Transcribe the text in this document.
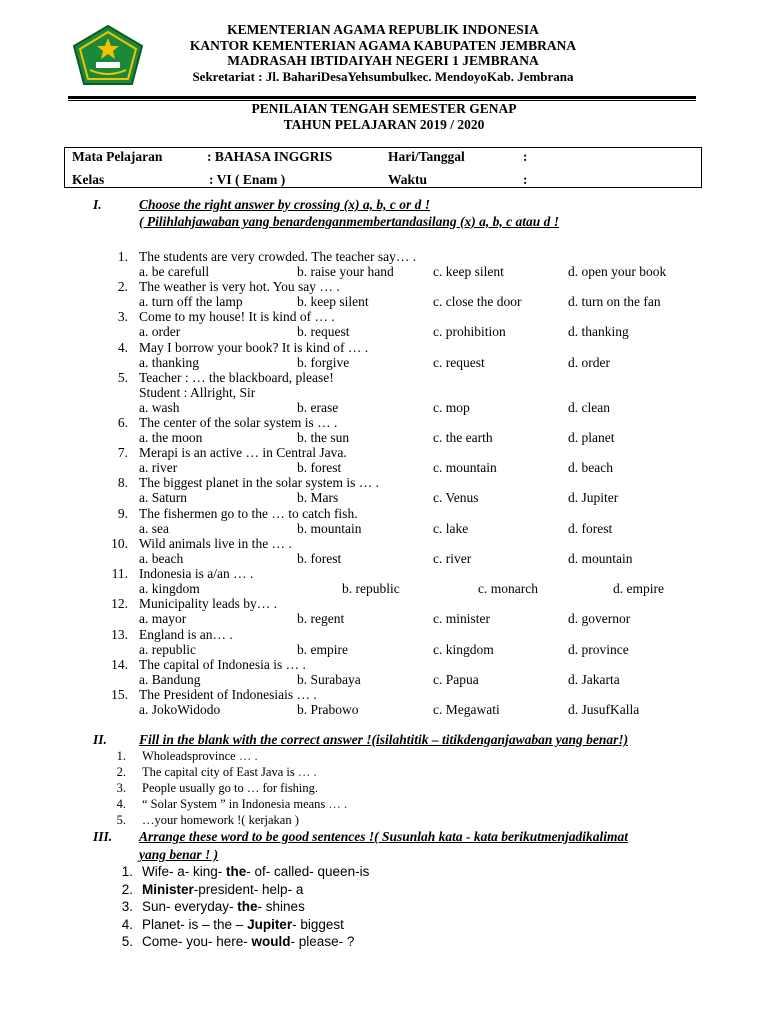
KEMENTERIAN AGAMA REPUBLIK INDONESIA
KANTOR KEMENTERIAN AGAMA KABUPATEN JEMBRANA
MADRASAH IBTIDAIYAH NEGERI 1 JEMBRANA
Sekretariat : Jl. BahariDesaYehsumbulkec. MendoyoKab. Jembrana
PENILAIAN TENGAH SEMESTER GENAP
TAHUN PELAJARAN 2019 / 2020
Mata Pelajaran	: BAHASA INGGRIS	Hari/Tanggal	:
Kelas	: VI ( Enam )	Waktu	:
I.	Choose the right answer by crossing (x) a, b, c or d !
( Pilihlahjawaban yang benardenganmembertandasilang (x) a, b, c atau d !
1. The students are very crowded. The teacher say… .
a. be carefull	b. raise your hand	c. keep silent	d. open your book
2. The weather is very hot. You say … .
a. turn off the lamp	b. keep silent	c. close the door	d. turn on the fan
3. Come to my house! It is kind of … .
a. order	b. request	c. prohibition	d. thanking
4. May I borrow your book? It is kind of … .
a. thanking	b. forgive	c. request	d. order
5. Teacher : … the blackboard, please!
Student : Allright, Sir
a. wash	b. erase	c. mop	d. clean
6. The center of the solar system is … .
a. the moon	b. the sun	c. the earth	d. planet
7. Merapi is an active … in Central Java.
a. river	b. forest	c. mountain	d. beach
8. The biggest planet in the solar system is … .
a. Saturn	b. Mars	c. Venus	d. Jupiter
9. The fishermen go to the … to catch fish.
a. sea	b. mountain	c. lake	d. forest
10. Wild animals live in the … .
a. beach	b. forest	c. river	d. mountain
11. Indonesia is a/an … .
a. kingdom	b. republic	c. monarch	d. empire
12. Municipality leads by… .
a. mayor	b. regent	c. minister	d. governor
13. England is an… .
a. republic	b. empire	c. kingdom	d. province
14. The capital of Indonesia is … .
a. Bandung	b. Surabaya	c. Papua	d. Jakarta
15. The President of Indonesiais … .
a. JokoWidodo	b. Prabowo	c. Megawati	d. JusufKalla
II. Fill in the blank with the correct answer !(isilahtitik – titikdenganjawaban yang benar!)
1. Wholeadsprovince … .
2. The capital city of East Java is … .
3. People usually go to … for fishing.
4. “ Solar System ” in Indonesia means … .
5. …your homework !( kerjakan )
III. Arrange these word to be good sentences !( Susunlah kata - kata berikutmenjadikalimat
yang benar ! )
1. Wife- a- king- the- of- called- queen-is
2. Minister-president- help- a
3. Sun- everyday- the- shines
4. Planet- is – the – Jupiter- biggest
5. Come- you- here- would- please- ?
